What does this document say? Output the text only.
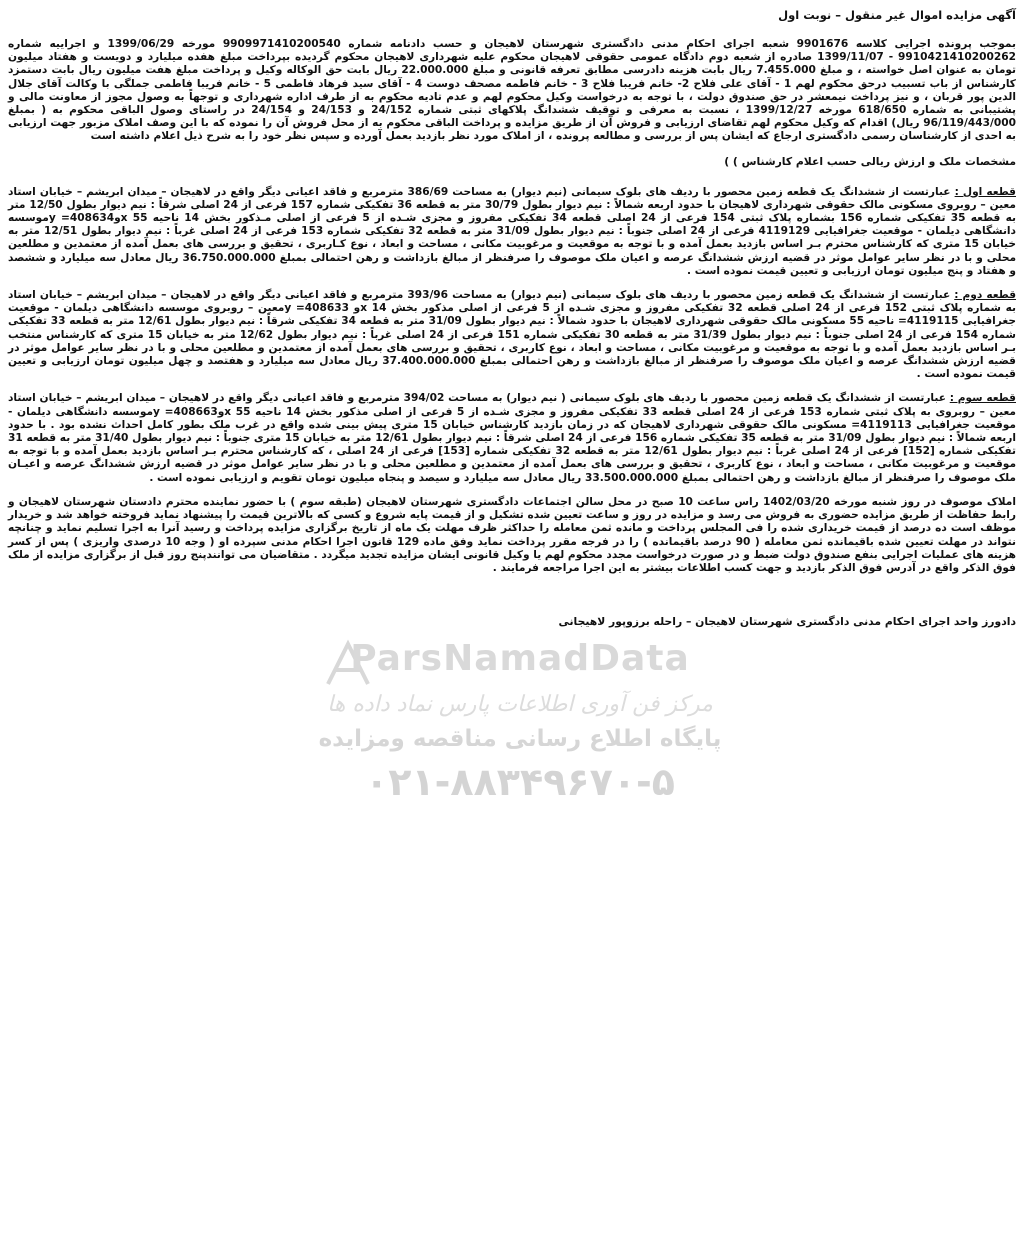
آگهی مزایده اموال غیر منقول – نوبت اول

بموجب پرونده اجرایی کلاسه 9901676 شعبه اجرای احکام مدنی دادگستری شهرستان لاهیجان و حسب دادنامه شماره 9909971410200540 مورخه 1399/06/29 و اجراییه شماره 9910421410200262 - 1399/11/07 صادره از شعبه دوم دادگاه عمومی حقوقی لاهیجان محکوم علیه شهرداری لاهیجان محکوم گردیده بپرداخت مبلغ هفده میلیارد و دویست و هفتاد میلیون تومان به عنوان اصل خواسته ، و مبلغ 7.455.000 ریال بابت هزینه دادرسی مطابق تعرفه قانونی و مبلغ 22.000.000 ریال بابت حق الوکاله وکیل و پرداخت مبلغ هفت میلیون ریال بابت دستمزد کارشناس از باب تسبیب درحق محکوم لهم 1 - آقای علی فلاح 2- خانم فریبا فلاح 3 - خانم فاطمه مصحف دوست 4 - آقای سید فرهاد فاطمی 5 - خانم فریبا فاطمی جملگی با وکالت آقای جلال الدین پور قربان ، و نیز پرداخت نیمعشر در حق صندوق دولت ، با توجه به درخواست وکیل محکوم لهم و عدم تادیه محکوم به از طرف اداره شهرداری و توجهاً به وصول مجوز از معاونت مالی و پشتیبانی به شماره 618/650 مورخه 1399/12/27 ، نسبت به معرفی و توقیف ششدانگ پلاکهای ثبتی شماره 24/152 و 24/153 و 24/154 در راستای وصول الباقی محکوم به ( بمبلغ 96/119/443/000 ریال) اقدام که وکیل محکوم لهم تقاضای ارزیابی و فروش آن از طریق مزایده و پرداخت الباقی محکوم به از محل فروش آن را نموده که با این وصف املاک مزبور جهت ارزیابی به احدی از کارشناسان رسمی دادگستری ارجاع که ایشان پس از بررسی و مطالعه پرونده ، از املاک مورد نظر بازدید بعمل آورده و سپس نظر خود را به شرح ذیل اعلام داشته است

مشخصات ملک و ارزش ریالی حسب اعلام کارشناس ) )

قطعه اول : عبارتست از ششدانگ یک قطعه زمین محصور با ردیف های بلوک سیمانی (نیم دیوار) به مساحت 386/69 مترمربع و فاقد اعیانی دیگر واقع در لاهیجان – میدان ابریشم – خیابان استاد معین – روبروی مسکونی مالک حقوقی شهرداری لاهیجان با حدود اربعه شمالاً : نیم دیوار بطول 30/79 متر به قطعه 36 تفکیکی شماره 157 فرعی از 24 اصلی شرقاً : نیم دیوار بطول 12/50 متر به قطعه 35 تفکیکی شماره 156 بشماره پلاک ثبتی 154 فرعی از 24 اصلی قطعه 34 تفکیکی مفروز و مجزی شـده از 5 فرعی از اصلی مـذکور بخش 14 ناحیه 55 xو408634= yموسسه دانشگاهی دیلمان - موقعیت جغرافیایی 4119129 فرعی از 24 اصلی جنوباً : نیم دیوار بطول 31/09 متر به قطعه 32 تفکیکی شماره 153 فرعی از 24 اصلی غرباً : نیم دیوار بطول 12/51 متر به خیابان 15 متری که کارشناس محترم بـر اساس بازدید بعمل آمده و با توجه به موقعیت و مرغوبیت مکانی ، مساحت و ابعاد ، نوع کـاربری ، تحقیق و بررسی های بعمل آمده از معتمدین و مطلعین محلی و با در نظر سایر عوامل موثر در قضیه ارزش ششدانگ عرصه و اعیان ملک موصوف را صرفنظر از مبالغ بازداشت و رهن احتمالی بمبلغ 36.750.000.000 ریال معادل سه میلیارد و ششصد و هفتاد و پنج میلیون تومان ارزیابی و تعیین قیمت نموده است .

قطعه دوم : عبارتست از ششدانگ یک قطعه زمین محصور با ردیف های بلوک سیمانی (نیم دیوار) به مساحت 393/96 مترمربع و فاقد اعیانی دیگر واقع در لاهیجان – میدان ابریشم – خیابان استاد به شماره پلاک ثبتی 152 فرعی از 24 اصلی قطعه 32 تفکیکی مفروز و مجزی شـده از 5 فرعی از اصلی مذکور بخش 14 xو 408633= yمعین – روبروی موسسه دانشگاهی دیلمان - موقعیت جغرافیایی 4119115= ناحیه 55 مسکونی مالک حقوقی شهرداری لاهیجان با حدود شمالاً : نیم دیوار بطول 31/09 متر به قطعه 34 تفکیکی شرقاً : نیم دیوار بطول 12/61 متر به قطعه 33 تفکیکی شماره 154 فرعی از 24 اصلی جنوباً : نیم دیوار بطول 31/39 متر به قطعه 30 تفکیکی شماره 151 فرعی از 24 اصلی غرباً : نیم دیوار بطول 12/62 متر به خیابان 15 متری که کارشناس منتخب بـر اساس بازدید بعمل آمده و با توجه به موقعیت و مرغوبیت مکانی ، مساحت و ابعاد ، نوع کاربری ، تحقیق و بررسی های بعمل آمده از معتمدین و مطلعین محلی و با در نظر سایر عوامل موثر در قضیه ارزش ششدانگ عرصه و اعیان ملک موصوف را صرفنظر از مبالغ بازداشت و رهن احتمالی بمبلغ 37.400.000.000 ریال معادل سه میلیارد و هفتصد و چهل میلیون تومان ارزیابی و تعیین قیمت نموده است .

قطعه سوم : عبارتست از ششدانگ یک قطعه زمین محصور با ردیف های بلوک سیمانی ( نیم دیوار) به مساحت 394/02 مترمربع و فاقد اعیانی دیگر واقع در لاهیجان – میدان ابریشم – خیابان استاد معین – روبروی به پلاک ثبتی شماره 153 فرعی از 24 اصلی قطعه 33 تفکیکی مفروز و مجزی شـده از 5 فرعی از اصلی مذکور بخش 14 ناحیه 55 xو408663= yموسسه دانشگاهی دیلمان - موقعیت جغرافیایی 4119113= مسکونی مالک حقوقی شهرداری لاهیجان که در زمان بازدید کارشناس خیابان 15 متری پیش بینی شده واقع در غرب ملک بطور کامل احداث نشده بود . با حدود اربعه شمالاً : نیم دیوار بطول 31/09 متر به قطعه 35 تفکیکی شماره 156 فرعی از 24 اصلی شرقاً : نیم دیوار بطول 12/61 متر به خیابان 15 متری جنوباً : نیم دیوار بطول 31/40 متر به قطعه 31 تفکیکی شماره [152] فرعی از 24 اصلی غرباً : نیم دیوار بطول 12/61 متر به قطعه 32 تفکیکی شماره [153] فرعی از 24 اصلی ، که کارشناس محترم بـر اساس بازدید بعمل آمده و با توجه به موقعیت و مرغوبیت مکانی ، مساحت و ابعاد ، نوع کاربری ، تحقیق و بررسی های بعمل آمده از معتمدین و مطلعین محلی و با در نظر سایر عوامل موثر در قضیه ارزش ششدانگ عرصه و اعیـان ملک موصوف را صرفنظر از مبالغ بازداشت و رهن احتمالی بمبلغ 33.500.000.000 ریال معادل سه میلیارد و سیصد و پنجاه میلیون تومان تقویم و ارزیابی نموده است .

املاک موصوف در روز شنبه مورخه 1402/03/20 راس ساعت 10 صبح در محل سالن اجتماعات دادگستری شهرستان لاهیجان (طبقه سوم ) با حضور نماینده محترم دادستان شهرستان لاهیجان و رابط حفاظت از طریق مزایده حضوری به فروش می رسد و مزایده در روز و ساعت تعیین شده تشکیل و از قیمت پایه شروع و کسی که بالاترین قیمت را پیشنهاد نماید فروخته خواهد شد و خریدار موظف است ده درصد از قیمت خریداری شده را فی المجلس پرداخت و مانده ثمن معامله را حداکثر ظرف مهلت یک ماه از تاریخ برگزاری مزایده پرداخت و رسید آنرا به اجرا تسلیم نماید و چنانچه نتواند در مهلت تعیین شده باقیمانده ثمن معامله ( 90 درصد باقیمانده ) را در فرجه مقرر پرداخت نماید وفق ماده 129 قانون اجرا احکام مدنی سپرده او ( وجه 10 درصدی واریزی ) پس از کسر هزینه های عملیات اجرایی بنفع صندوق دولت ضبط و در صورت درخواست مجدد محکوم لهم یا وکیل قانونی ایشان مزایده تجدید میگردد . متقاضیان می توانندپنج روز قبل از برگزاری مزایده از ملک فوق الذکر واقع در آدرس فوق الذکر بازدید و جهت کسب اطلاعات بیشتر به این اجرا مراجعه فرمایند .

دادورز واحد اجرای احکام مدنی دادگستری شهرستان لاهیجان – راحله برزوپور لاهیجانی
ParsNamadData
مرکز فن آوری اطلاعات پارس نماد داده ها
پایگاه اطلاع رسانی مناقصه ومزایده
۰۲۱-۸۸۳۴۹۶۷۰-۵
